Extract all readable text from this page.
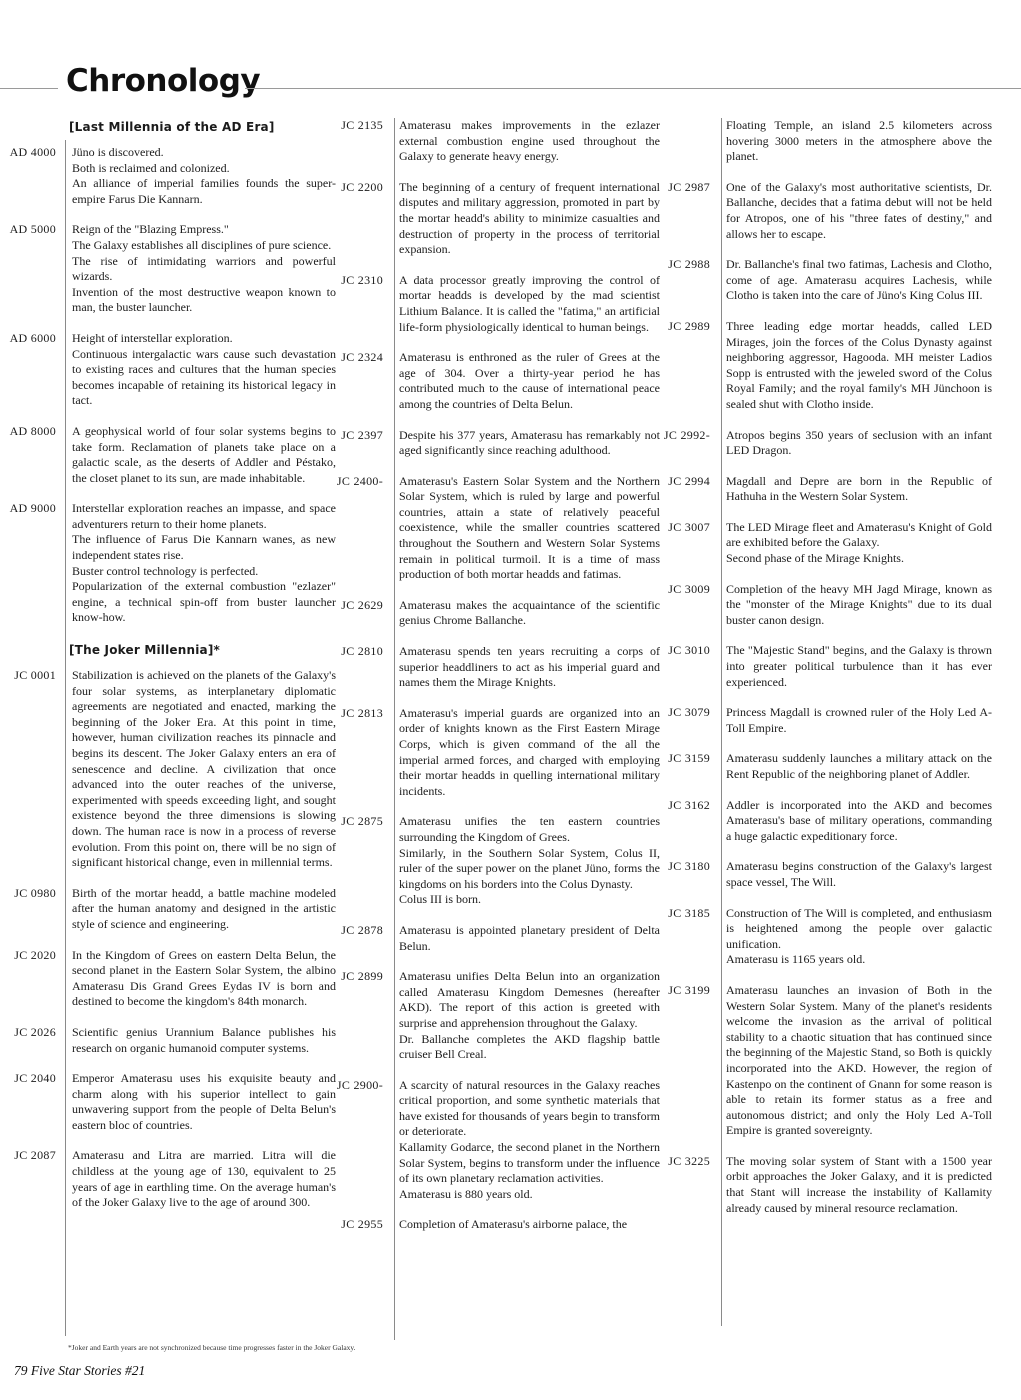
Chronology
[Last Millennia of the AD Era]
AD 4000	Jüno is discovered.

Both is reclaimed and colonized.

An alliance of imperial families founds the super-empire Farus Die Kannarn.

AD 5000	Reign of the "Blazing Empress."

The Galaxy establishes all disciplines of pure science.

The rise of intimidating warriors and powerful wizards.

Invention of the most destructive weapon known to man, the buster launcher.

AD 6000	Height of interstellar exploration.

Continuous intergalactic wars cause such devastation to existing races and cultures that the human species becomes incapable of retaining its historical legacy in tact.

AD 8000	A geophysical world of four solar systems begins to take form. Reclamation of planets take place on a galactic scale, as the deserts of Addler and Péstako, the closet planet to its sun, are made inhabitable.

AD 9000	Interstellar exploration reaches an impasse, and space adventurers return to their home planets.

The influence of Farus Die Kannarn wanes, as new independent states rise.

Buster control technology is perfected.

Popularization of the external combustion "ezlazer" engine, a technical spin-off from buster launcher know-how.

[The Joker Millennia]*
JC 0001	Stabilization is achieved on the planets of the Galaxy's four solar systems, as interplanetary diplomatic agreements are negotiated and enacted, marking the beginning of the Joker Era. At this point in time, however, human civilization reaches its pinnacle and begins its descent. The Joker Galaxy enters an era of senescence and decline. A civilization that once advanced into the outer reaches of the universe, experimented with speeds exceeding light, and sought existence beyond the three dimensions is slowing down. The human race is now in a process of reverse evolution. From this point on, there will be no sign of significant historical change, even in millennial terms.

JC 0980	Birth of the mortar headd, a battle machine modeled after the human anatomy and designed in the artistic style of science and engineering.

JC 2020	In the Kingdom of Grees on eastern Delta Belun, the second planet in the Eastern Solar System, the albino Amaterasu Dis Grand Grees Eydas IV is born and destined to become the kingdom's 84th monarch.

JC 2026	Scientific genius Urannium Balance publishes his research on organic humanoid computer systems.

JC 2040	Emperor Amaterasu uses his exquisite beauty and charm along with his superior intellect to gain unwavering support from the people of Delta Belun's eastern bloc of countries.

JC 2087	Amaterasu and Litra are married. Litra will die childless at the young age of 130, equivalent to 25 years of age in earthling time. On the average human's of the Joker Galaxy live to the age of around 300.

JC 2135	Amaterasu makes improvements in the ezlazer external combustion engine used throughout the Galaxy to generate heavy energy.

JC 2200	The beginning of a century of frequent international disputes and military aggression, promoted in part by the mortar headd's ability to minimize casualties and destruction of property in the process of territorial expansion.

JC 2310	A data processor greatly improving the control of mortar headds is developed by the mad scientist Lithium Balance. It is called the "fatima," an artificial life-form physiologically identical to human beings.

JC 2324	Amaterasu is enthroned as the ruler of Grees at the age of 304. Over a thirty-year period he has contributed much to the cause of international peace among the countries of Delta Belun.

JC 2397	Despite his 377 years, Amaterasu has remarkably not aged significantly since reaching adulthood.

JC 2400-	Amaterasu's Eastern Solar System and the Northern Solar System, which is ruled by large and powerful countries, attain a state of relatively peaceful coexistence, while the smaller countries scattered throughout the Southern and Western Solar Systems remain in political turmoil. It is a time of mass production of both mortar headds and fatimas.

JC 2629	Amaterasu makes the acquaintance of the scientific genius Chrome Ballanche.

JC 2810	Amaterasu spends ten years recruiting a corps of superior headdliners to act as his imperial guard and names them the Mirage Knights.

JC 2813	Amaterasu's imperial guards are organized into an order of knights known as the First Eastern Mirage Corps, which is given command of the all the imperial armed forces, and charged with employing their mortar headds in quelling international military incidents.

JC 2875	Amaterasu unifies the ten eastern countries surrounding the Kingdom of Grees.

Similarly, in the Southern Solar System, Colus II, ruler of the super power on the planet Jüno, forms the kingdoms on his borders into the Colus Dynasty.

Colus III is born.

JC 2878	Amaterasu is appointed planetary president of Delta Belun.

JC 2899	Amaterasu unifies Delta Belun into an organization called Amaterasu Kingdom Demesnes (hereafter AKD). The report of this action is greeted with surprise and apprehension throughout the Galaxy.

Dr. Ballanche completes the AKD flagship battle cruiser Bell Creal.

JC 2900-	A scarcity of natural resources in the Galaxy reaches critical proportion, and some synthetic materials that have existed for thousands of years begin to transform or deteriorate.

Kallamity Godarce, the second planet in the Northern Solar System, begins to transform under the influence of its own planetary reclamation activities.

Amaterasu is 880 years old.

JC 2955	Completion of Amaterasu's airborne palace, the

Floating Temple, an island 2.5 kilometers across hovering 3000 meters in the atmosphere above the planet.
JC 2987	One of the Galaxy's most authoritative scientists, Dr. Ballanche, decides that a fatima debut will not be held for Atropos, one of his "three fates of destiny," and allows her to escape.

JC 2988	Dr. Ballanche's final two fatimas, Lachesis and Clotho, come of age. Amaterasu acquires Lachesis, while Clotho is taken into the care of Jüno's King Colus III.

JC 2989	Three leading edge mortar headds, called LED Mirages, join the forces of the Colus Dynasty against neighboring aggressor, Hagooda. MH meister Ladios Sopp is entrusted with the jeweled sword of the Colus Royal Family; and the royal family's MH Jünchoon is sealed shut with Clotho inside.

JC 2992-	Atropos begins 350 years of seclusion with an infant LED Dragon.

JC 2994	Magdall and Depre are born in the Republic of Hathuha in the Western Solar System.

JC 3007	The LED Mirage fleet and Amaterasu's Knight of Gold are exhibited before the Galaxy.

Second phase of the Mirage Knights.

JC 3009	Completion of the heavy MH Jagd Mirage, known as the "monster of the Mirage Knights" due to its dual buster canon design.

JC 3010	The "Majestic Stand" begins, and the Galaxy is thrown into greater political turbulence than it has ever experienced.

JC 3079	Princess Magdall is crowned ruler of the Holy Led A-Toll Empire.

JC 3159	Amaterasu suddenly launches a military attack on the Rent Republic of the neighboring planet of Addler.

JC 3162	Addler is incorporated into the AKD and becomes Amaterasu's base of military operations, commanding a huge galactic expeditionary force.

JC 3180	Amaterasu begins construction of the Galaxy's largest space vessel, The Will.

JC 3185	Construction of The Will is completed, and enthusiasm is heightened among the people over galactic unification.

Amaterasu is 1165 years old.

JC 3199	Amaterasu launches an invasion of Both in the Western Solar System. Many of the planet's residents welcome the invasion as the arrival of political stability to a chaotic situation that has continued since the beginning of the Majestic Stand, so Both is quickly incorporated into the AKD. However, the region of Kastenpo on the continent of Gnann for some reason is able to retain its former status as a free and autonomous district; and only the Holy Led A-Toll Empire is granted sovereignty.

JC 3225	The moving solar system of Stant with a 1500 year orbit approaches the Joker Galaxy, and it is predicted that Stant will increase the instability of Kallamity already caused by mineral resource reclamation.

*Joker and Earth years are not synchronized because time progresses faster in the Joker Galaxy.
79 Five Star Stories #21
